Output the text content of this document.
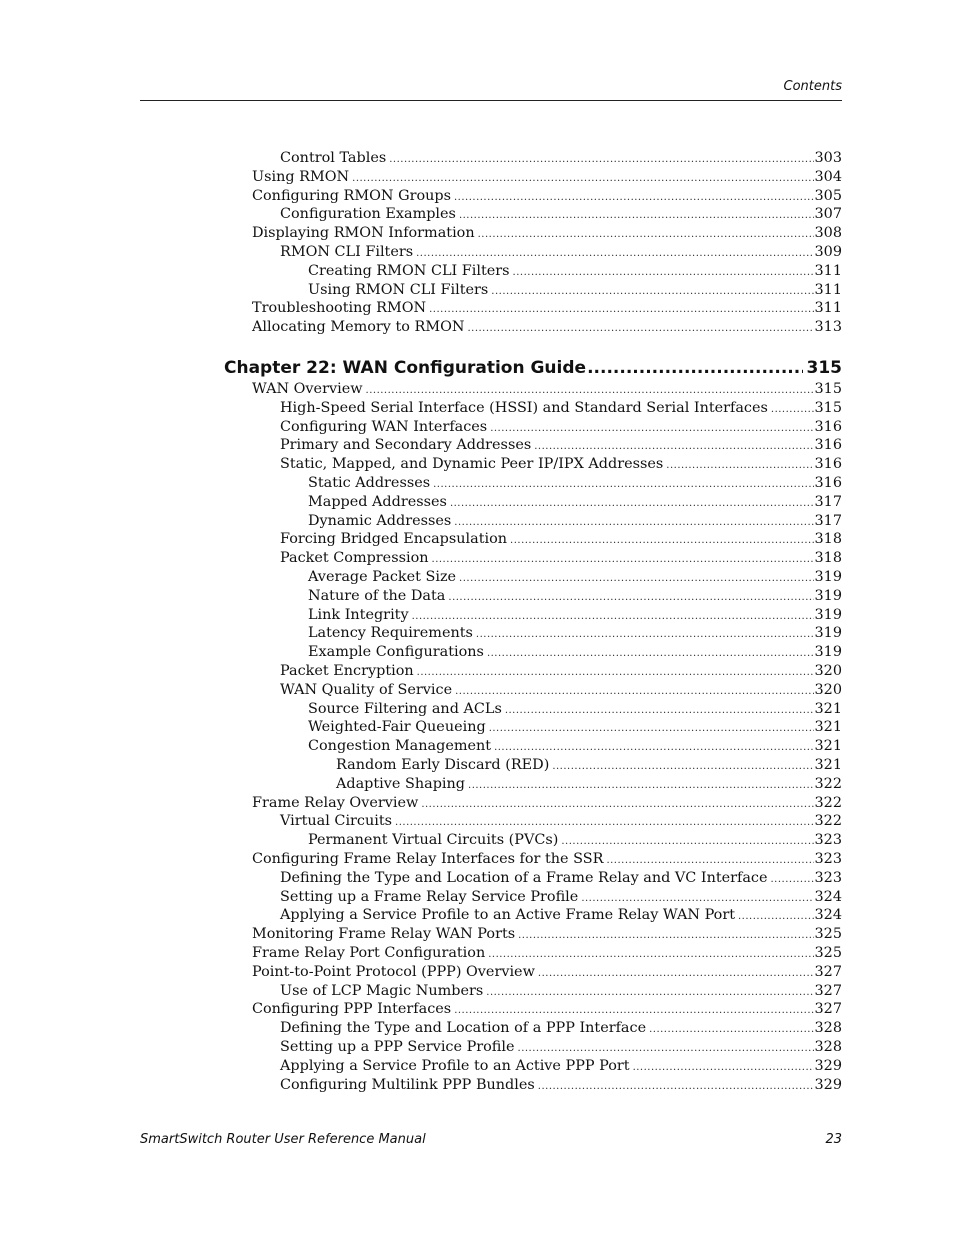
Contents
Control Tables .....	303
Using RMON .....	304
Configuring RMON Groups .....	305
Configuration Examples .....	307
Displaying RMON Information .....	308
RMON CLI Filters .....	309
Creating RMON CLI Filters .....	311
Using RMON CLI Filters .....	311
Troubleshooting RMON .....	311
Allocating Memory to RMON .....	313
Chapter 22: WAN Configuration Guide .....	315
WAN Overview .....	315
High-Speed Serial Interface (HSSI) and Standard Serial Interfaces .....	315
Configuring WAN Interfaces .....	316
Primary and Secondary Addresses .....	316
Static, Mapped, and Dynamic Peer IP/IPX Addresses .....	316
Static Addresses .....	316
Mapped Addresses .....	317
Dynamic Addresses .....	317
Forcing Bridged Encapsulation .....	318
Packet Compression .....	318
Average Packet Size .....	319
Nature of the Data .....	319
Link Integrity .....	319
Latency Requirements .....	319
Example Configurations .....	319
Packet Encryption .....	320
WAN Quality of Service .....	320
Source Filtering and ACLs .....	321
Weighted-Fair Queueing .....	321
Congestion Management .....	321
Random Early Discard (RED) .....	321
Adaptive Shaping .....	322
Frame Relay Overview .....	322
Virtual Circuits .....	322
Permanent Virtual Circuits (PVCs) .....	323
Configuring Frame Relay Interfaces for the SSR .....	323
Defining the Type and Location of a Frame Relay and VC Interface .....	323
Setting up a Frame Relay Service Profile .....	324
Applying a Service Profile to an Active Frame Relay WAN Port .....	324
Monitoring Frame Relay WAN Ports .....	325
Frame Relay Port Configuration .....	325
Point-to-Point Protocol (PPP) Overview .....	327
Use of LCP Magic Numbers .....	327
Configuring PPP Interfaces .....	327
Defining the Type and Location of a PPP Interface .....	328
Setting up a PPP Service Profile .....	328
Applying a Service Profile to an Active PPP Port .....	329
Configuring Multilink PPP Bundles .....	329
SmartSwitch Router User Reference Manual	23
